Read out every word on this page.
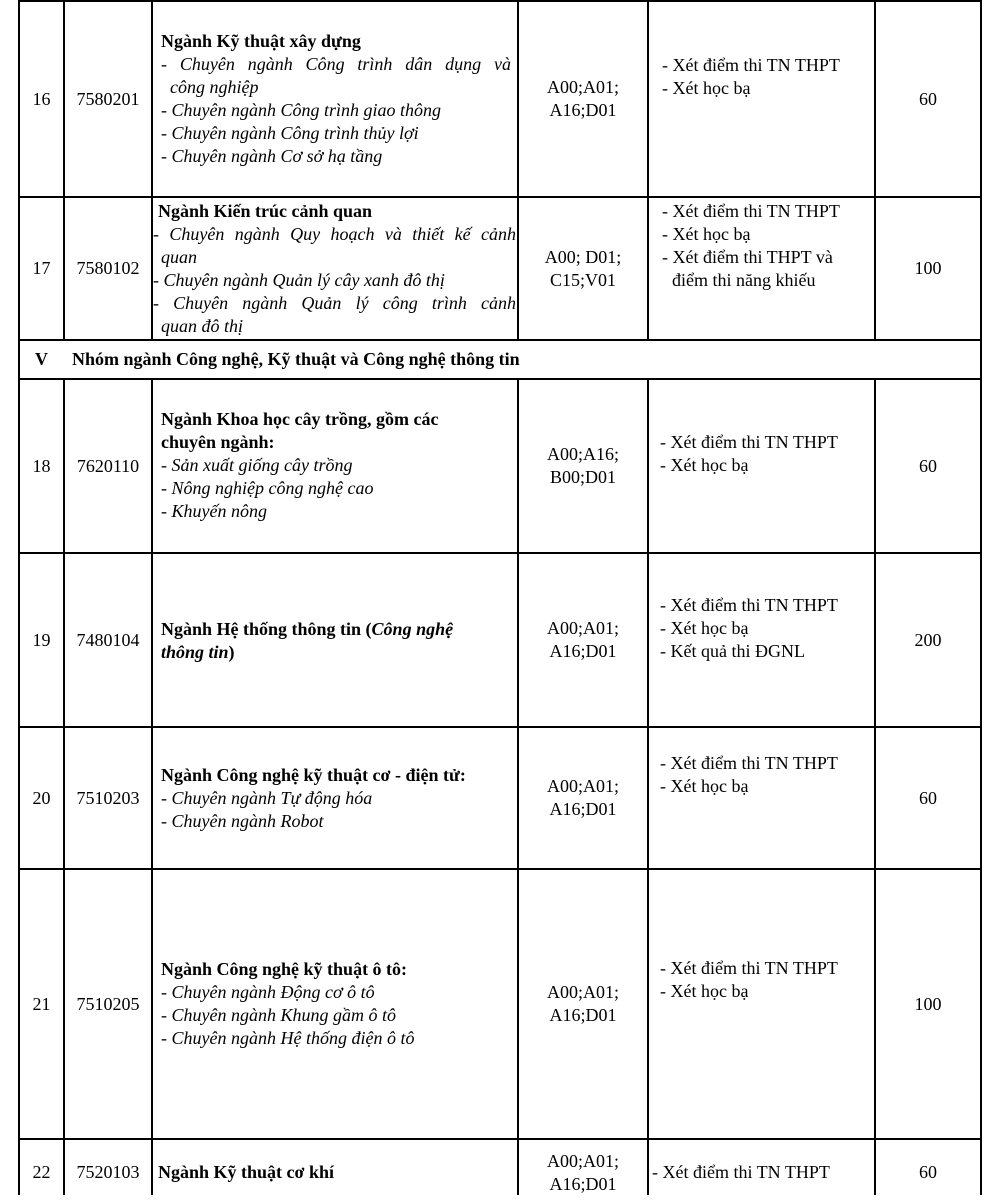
16 7580201
Ngành Kỹ thuật xây dựng
- Chuyên ngành Công trình dân dụng và
công nghiệp
- Chuyên ngành Công trình giao thông
- Chuyên ngành Công trình thủy lợi
- Chuyên ngành Cơ sở hạ tầng
A00;A01;
A16;D01
- Xét điểm thi TN THPT
- Xét học bạ
60
17 7580102
Ngành Kiến trúc cảnh quan
- Chuyên ngành Quy hoạch và thiết kế cảnh
quan
- Chuyên ngành Quản lý cây xanh đô thị
- Chuyên ngành Quản lý công trình cảnh
quan đô thị
A00; D01;
C15;V01
- Xét điểm thi TN THPT
- Xét học bạ
- Xét điểm thi THPT và
điểm thi năng khiếu
100
V Nhóm ngành Công nghệ, Kỹ thuật và Công nghệ thông tin
18 7620110
Ngành Khoa học cây trồng, gồm các
chuyên ngành:
- Sản xuất giống cây trồng
- Nông nghiệp công nghệ cao
- Khuyến nông
A00;A16;
B00;D01
- Xét điểm thi TN THPT
- Xét học bạ	60
19 7480104
Ngành Hệ thống thông tin (Công nghệ
thông tin)
A00;A01;
A16;D01
- Xét điểm thi TN THPT
- Xét học bạ
- Kết quả thi ĐGNL
200
20 7510203
Ngành Công nghệ kỹ thuật cơ - điện tử:
- Chuyên ngành Tự động hóa
- Chuyên ngành Robot
A00;A01;
A16;D01
- Xét điểm thi TN THPT
- Xét học bạ
60
21 7510205
Ngành Công nghệ kỹ thuật ô tô:
- Chuyên ngành Động cơ ô tô
- Chuyên ngành Khung gầm ô tô
- Chuyên ngành Hệ thống điện ô tô
A00;A01;
A16;D01
- Xét điểm thi TN THPT
- Xét học bạ
100
22 7520103 Ngành Kỹ thuật cơ khí
A00;A01;
A16;D01
- Xét điểm thi TN THPT	60
